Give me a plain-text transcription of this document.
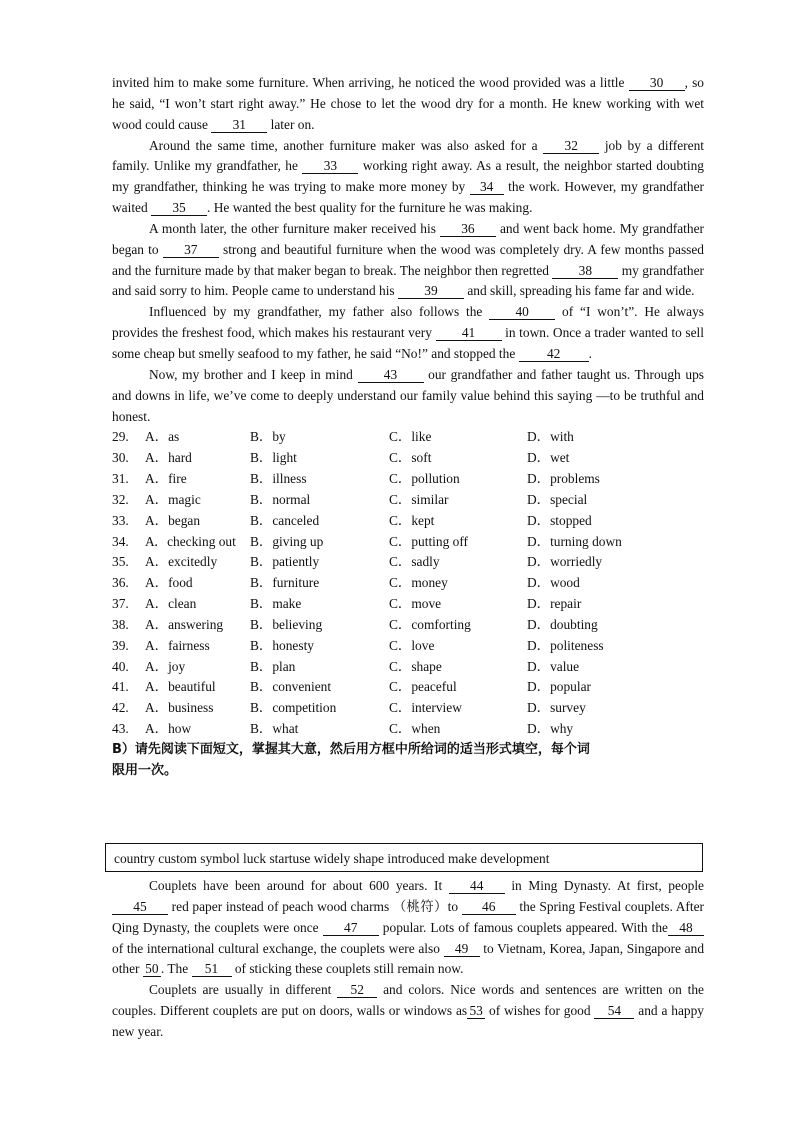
invited him to make some furniture. When arriving, he noticed the wood provided was a little 30 , so he said, “I won’t start right away.” He chose to let the wood dry for a month. He knew working with wet wood could cause 31 later on.

Around the same time, another furniture maker was also asked for a 32 job by a different family. Unlike my grandfather, he 33 working right away. As a result, the neighbor started doubting my grandfather, thinking he was trying to make more money by 34 the work. However, my grandfather waited 35 . He wanted the best quality for the furniture he was making.

A month later, the other furniture maker received his 36 and went back home. My grandfather began to 37 strong and beautiful furniture when the wood was completely dry. A few months passed and the furniture made by that maker began to break. The neighbor then regretted 38 my grandfather and said sorry to him. People came to understand his 39 and skill, spreading his fame far and wide.

Influenced by my grandfather, my father also follows the 40 of “I won’t”. He always provides the freshest food, which makes his restaurant very 41 in town. Once a trader wanted to sell some cheap but smelly seafood to my father, he said “No!” and stopped the 42 .

Now, my brother and I keep in mind 43 our grandfather and father taught us. Through ups and downs in life, we’ve come to deeply understand our family value behind this saying —to be truthful and honest.

29.	A．as	B．by	C．like	D．with
30.	A．hard	B．light	C．soft	D．wet
31.	A．fire	B．illness	C．pollution	D．problems
32.	A．magic	B．normal	C．similar	D．special
33.	A．began	B．canceled	C．kept	D．stopped
34.	A．checking out	B．giving up	C．putting off	D．turning down
35.	A．excitedly	B．patiently	C．sadly	D．worriedly
36.	A．food	B．furniture	C．money	D．wood
37.	A．clean	B．make	C．move	D．repair
38.	A．answering	B．believing	C．comforting	D．doubting
39.	A．fairness	B．honesty	C．love	D．politeness
40.	A．joy	B．plan	C．shape	D．value
41.	A．beautiful	B．convenient	C．peaceful	D．popular
42.	A．business	B．competition	C．interview	D．survey
43.	A．how	B．what	C．when	D．why

B）请先阅读下面短文，掌握其大意，然后用方框中所给词的适当形式填空，每个词
限用一次。

country custom symbol luck startuse widely shape introduced make development

Couplets have been around for about 600 years. It 44 in Ming Dynasty. At first, people 45 red paper instead of peach wood charms （桃符）to 46 the Spring Festival couplets. After Qing Dynasty, the couplets were once 47 popular. Lots of famous couplets appeared. With the 48 of the international cultural exchange, the couplets were also 49 to Vietnam, Korea, Japan, Singapore and other 50 . The 51 of sticking these couplets still remain now.

Couplets are usually in different 52 and colors. Nice words and sentences are written on the couples. Different couplets are put on doors, walls or windows as 53 of wishes for good 54 and a happy new year.
